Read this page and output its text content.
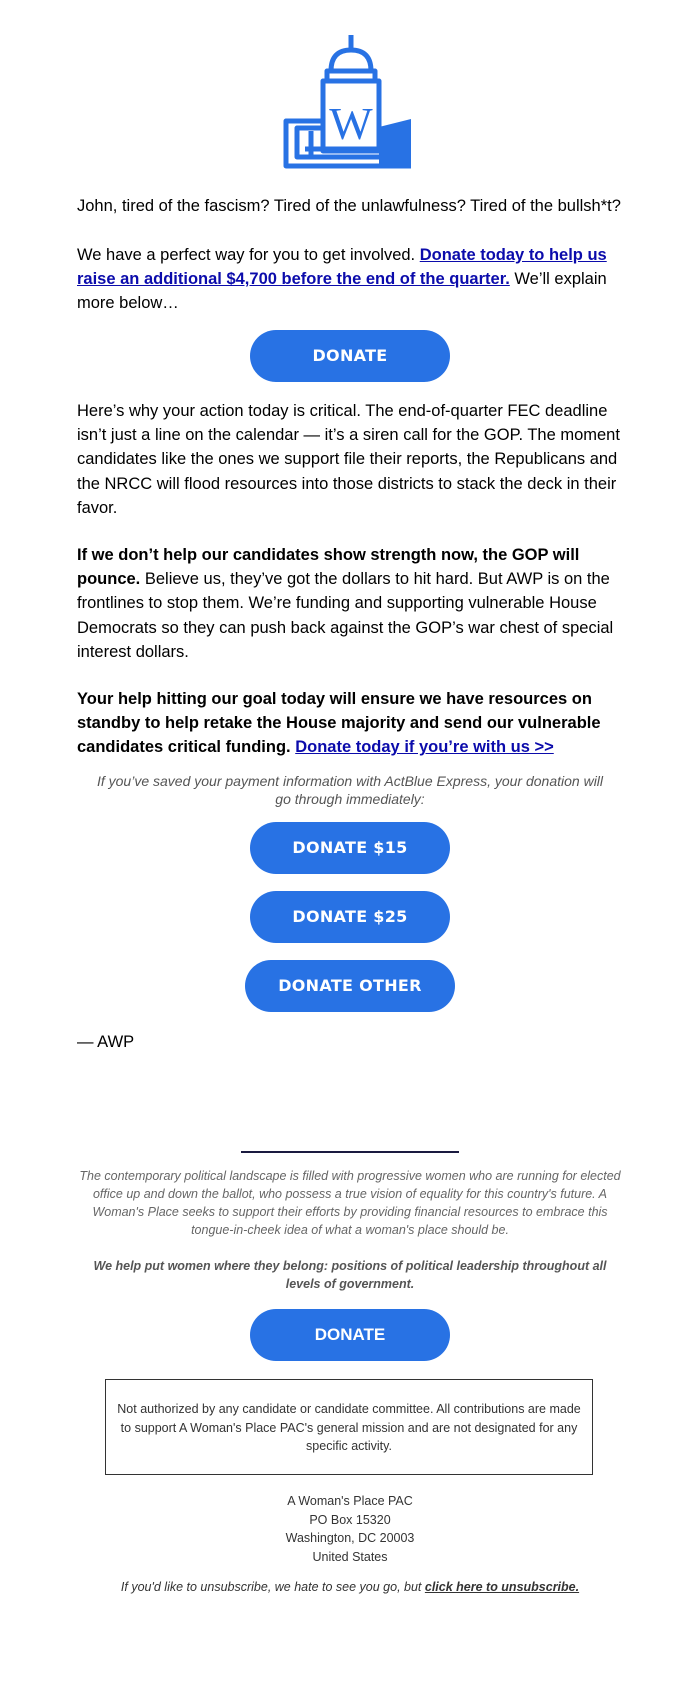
W

John, tired of the fascism? Tired of the unlawfulness? Tired of the bullsh*t?

We have a perfect way for you to get involved. Donate today to help us raise an additional $4,700 before the end of the quarter. We’ll explain more below…

DONATE

Here’s why your action today is critical. The end-of-quarter FEC deadline isn’t just a line on the calendar — it’s a siren call for the GOP. The moment candidates like the ones we support file their reports, the Republicans and the NRCC will flood resources into those districts to stack the deck in their favor.

If we don’t help our candidates show strength now, the GOP will pounce. Believe us, they’ve got the dollars to hit hard. But AWP is on the frontlines to stop them. We’re funding and supporting vulnerable House Democrats so they can push back against the GOP’s war chest of special interest dollars.

Your help hitting our goal today will ensure we have resources on standby to help retake the House majority and send our vulnerable candidates critical funding. Donate today if you’re with us >>

If you’ve saved your payment information with ActBlue Express, your donation will go through immediately:

DONATE $15
DONATE $25
DONATE OTHER

— AWP

The contemporary political landscape is filled with progressive women who are running for elected office up and down the ballot, who possess a true vision of equality for this country's future. A Woman's Place seeks to support their efforts by providing financial resources to embrace this tongue-in-cheek idea of what a woman's place should be.

We help put women where they belong: positions of political leadership throughout all levels of government.

DONATE
Not authorized by any candidate or candidate committee. All contributions are made to support A Woman's Place PAC's general mission and are not designated for any specific activity.
A Woman's Place PAC
PO Box 15320
Washington, DC 20003
United States

If you'd like to unsubscribe, we hate to see you go, but click here to unsubscribe.
